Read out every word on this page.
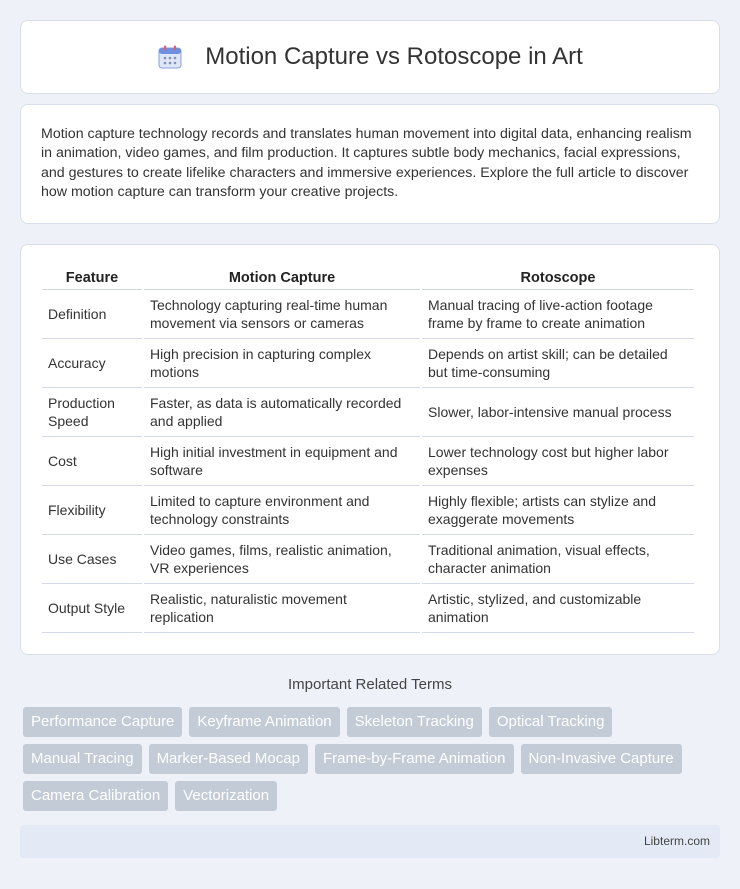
Motion Capture vs Rotoscope in Art

Motion capture technology records and translates human movement into digital data, enhancing realism in animation, video games, and film production. It captures subtle body mechanics, facial expressions, and gestures to create lifelike characters and immersive experiences. Explore the full article to discover how motion capture can transform your creative projects.

Feature	Motion Capture	Rotoscope
Definition	Technology capturing real-time human movement via sensors or cameras	Manual tracing of live-action footage frame by frame to create animation
Accuracy	High precision in capturing complex motions	Depends on artist skill; can be detailed but time-consuming
Production Speed	Faster, as data is automatically recorded and applied	Slower, labor-intensive manual process
Cost	High initial investment in equipment and software	Lower technology cost but higher labor expenses
Flexibility	Limited to capture environment and technology constraints	Highly flexible; artists can stylize and exaggerate movements
Use Cases	Video games, films, realistic animation, VR experiences	Traditional animation, visual effects, character animation
Output Style	Realistic, naturalistic movement replication	Artistic, stylized, and customizable animation
Important Related Terms
Performance Capture	Keyframe Animation	Skeleton Tracking	Optical Tracking
Manual Tracing	Marker-Based Mocap	Frame-by-Frame Animation	Non-Invasive Capture
Camera Calibration	Vectorization
Libterm.com
